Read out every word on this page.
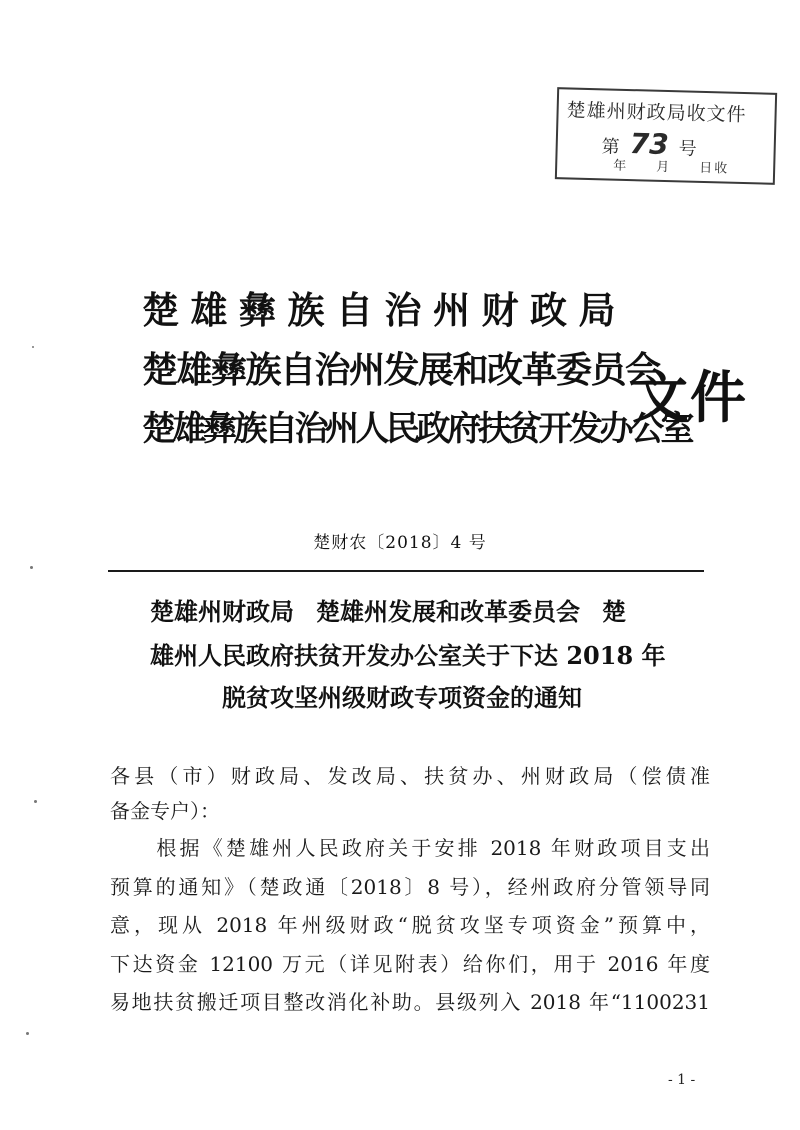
楚雄州财政局收文件
第 73 号
年 月 日收
楚雄彝族自治州财政局
楚雄彝族自治州发展和改革委员会
楚雄彝族自治州人民政府扶贫开发办公室
文件
楚财农〔2018〕4 号
楚雄州财政局 楚雄州发展和改革委员会 楚
雄州人民政府扶贫开发办公室关于下达 2018 年
脱贫攻坚州级财政专项资金的通知
各县（市）财政局、发改局、扶贫办、州财政局（偿债准
备金专户）：
　　根据《楚雄州人民政府关于安排 2018 年财政项目支出
预算的通知》（楚政通〔2018〕8 号），经州政府分管领导同
意，现从 2018 年州级财政“脱贫攻坚专项资金”预算中，
下达资金 12100 万元（详见附表）给你们，用于 2016 年度
易地扶贫搬迁项目整改消化补助。县级列入 2018 年“1100231
- 1 -
